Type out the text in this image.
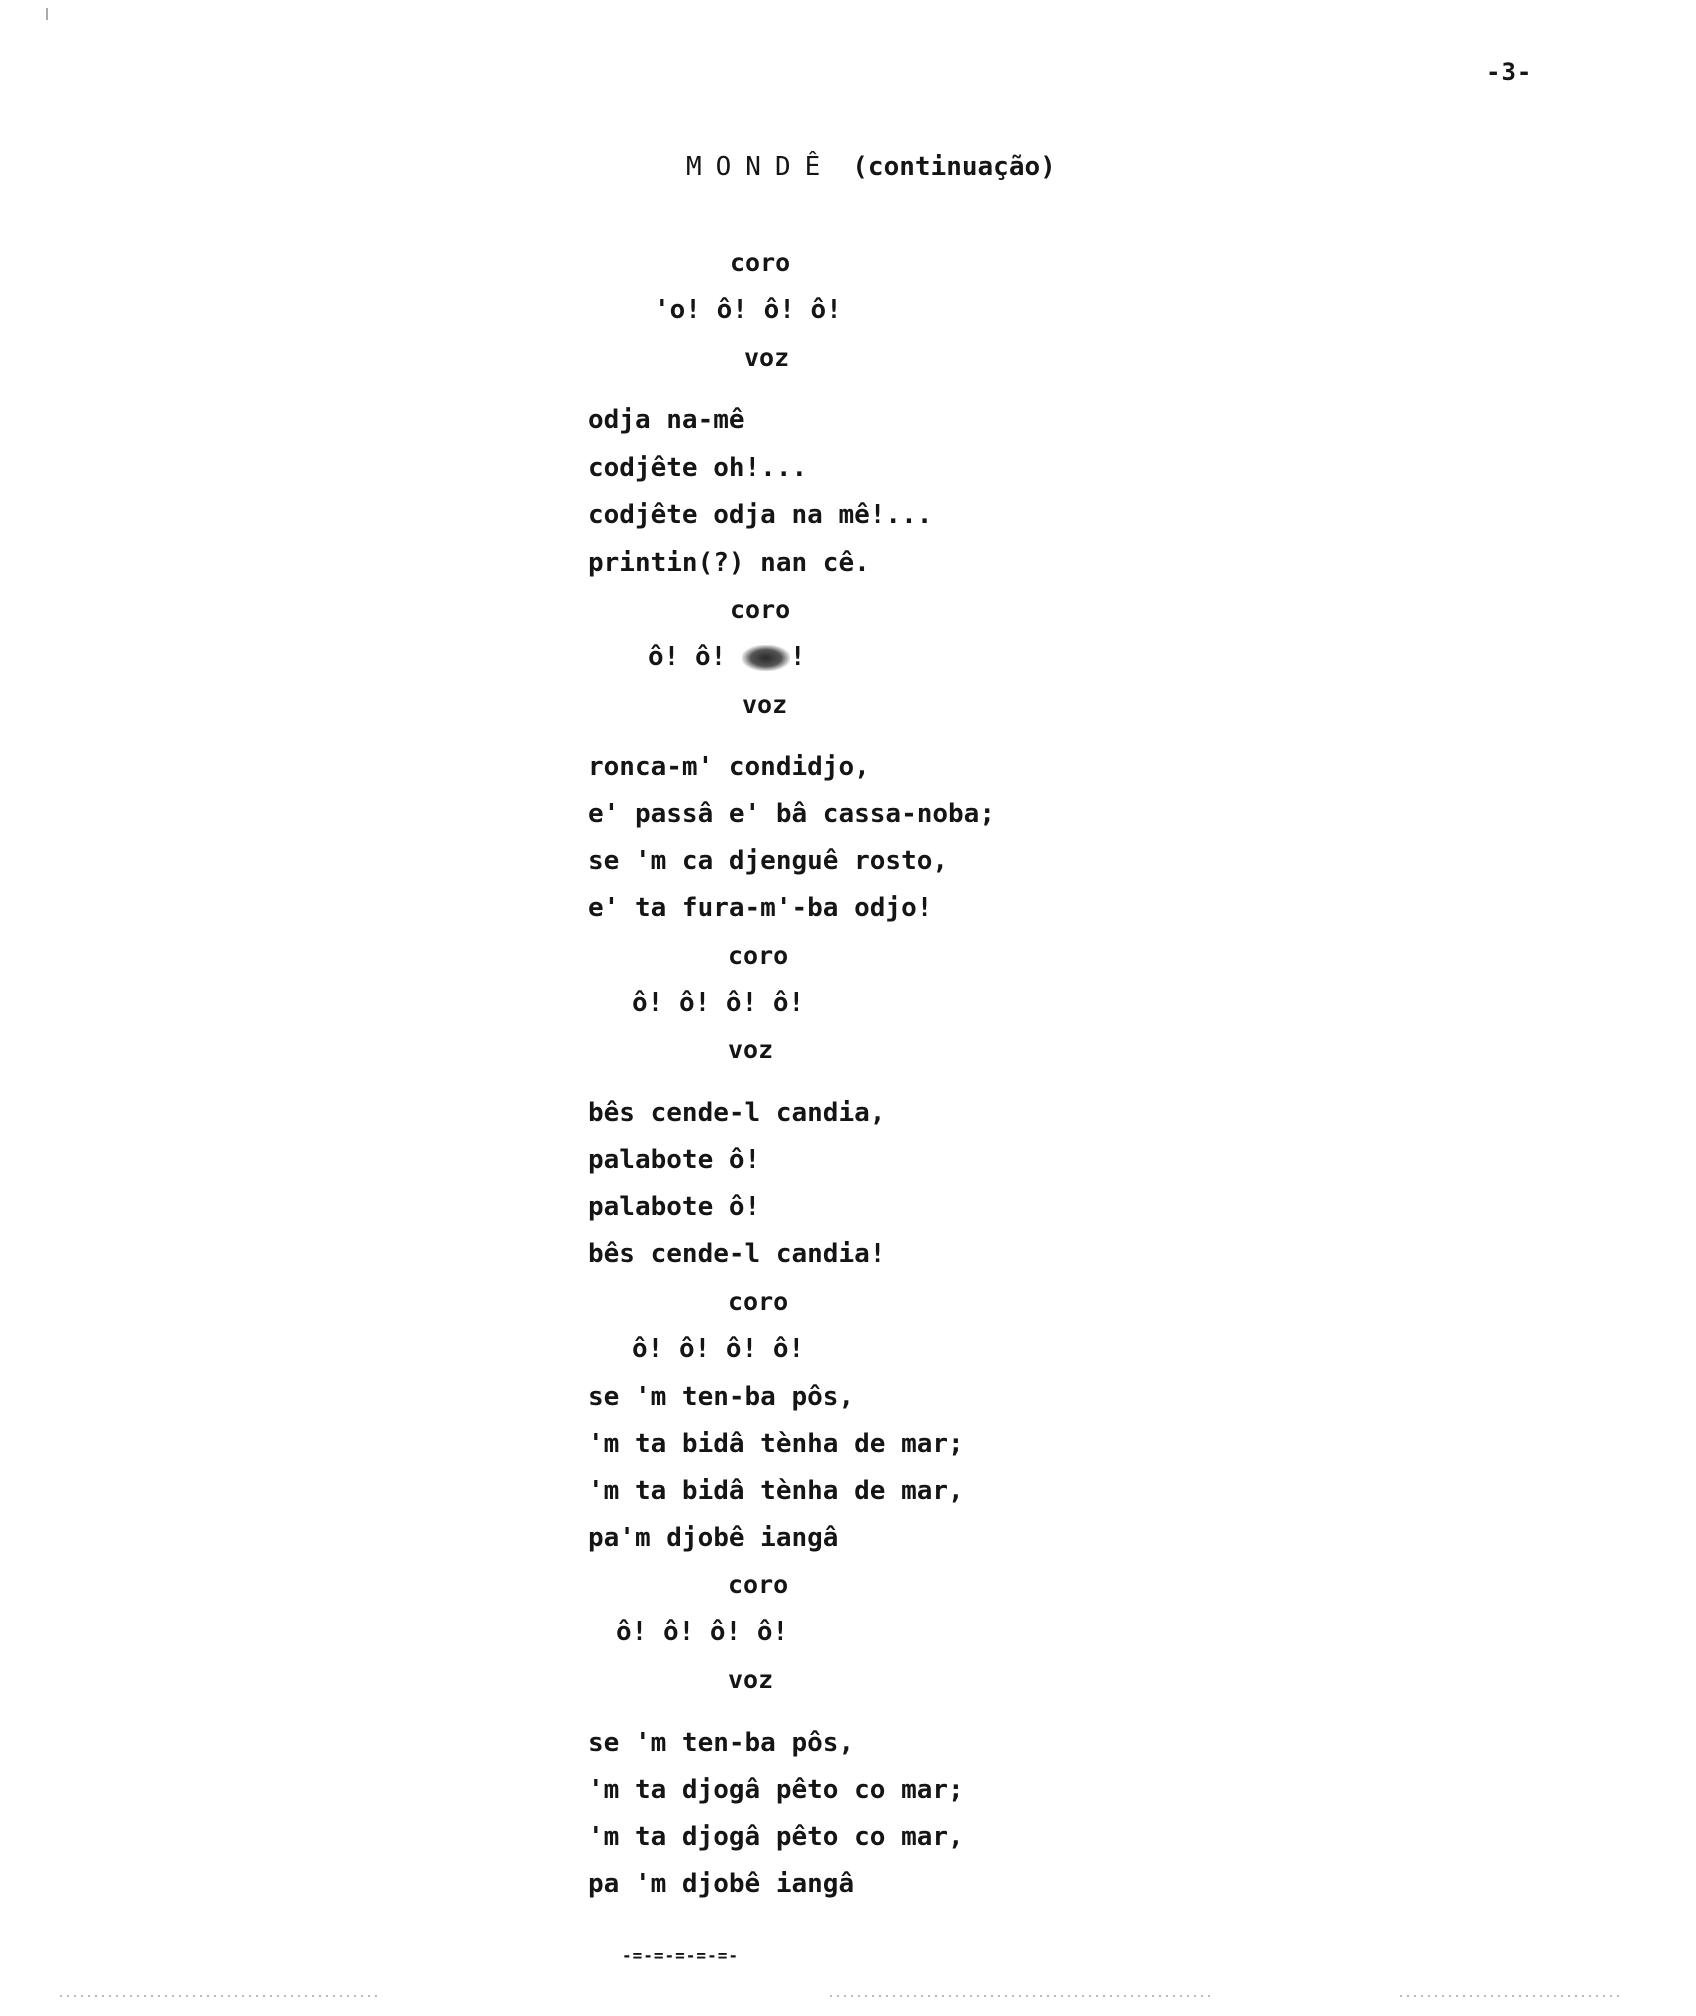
-3-
MONDÊ (continuação)
coro
'o! ô! ô! ô!
voz
odja na-mê
codjête oh!...
codjête odja na mê!...
printin(?) nan cê.
coro
ô! ô! !
voz
ronca-m' condidjo,
e' passâ e' bâ cassa-noba;
se 'm ca djenguê rosto,
e' ta fura-m'-ba odjo!
coro
ô! ô! ô! ô!
voz
bês cende-l candia,
palabote ô!
palabote ô!
bês cende-l candia!
coro
ô! ô! ô! ô!
se 'm ten-ba pôs,
'm ta bidâ tènha de mar;
'm ta bidâ tènha de mar,
pa'm djobê iangâ
coro
ô! ô! ô! ô!
voz
se 'm ten-ba pôs,
'm ta djogâ pêto co mar;
'm ta djogâ pêto co mar,
pa 'm djobê iangâ
-=-=-=-=-=-
